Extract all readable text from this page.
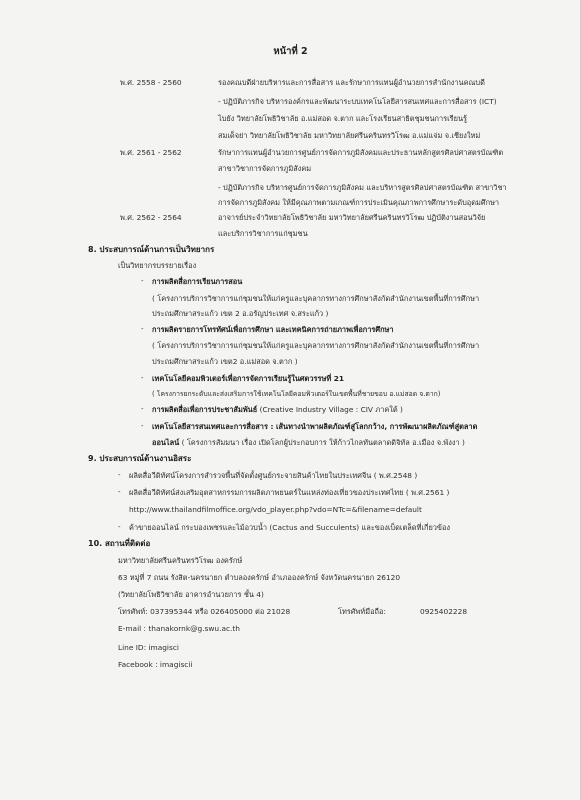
หน้าที่ 2
พ.ศ. 2558 - 2560	รองคณบดีฝ่ายบริหารและการสื่อสาร และรักษาการแทนผู้อำนวยการสำนักงานคณบดี
- ปฏิบัติภารกิจ บริหารองค์กรและพัฒนาระบบเทคโนโลยีสารสนเทศและการสื่อสาร (ICT)
ไบยัง วิทยาลัยโพธิวิชาลัย อ.แม่สอด จ.ตาก และโรงเรียนสาธิตชุมชนการเรียนรู้
สมเด็จย่า วิทยาลัยโพธิวิชาลัย มหาวิทยาลัยศรีนครินทรวิโรฒ อ.แม่แจ่ม จ.เชียงใหม่
พ.ศ. 2561 - 2562	รักษาการแทนผู้อำนวยการศูนย์การจัดการภูมิสังคมและประธานหลักสูตรศิลปศาสตรบัณฑิต
สาขาวิชาการจัดการภูมิสังคม
- ปฏิบัติภารกิจ บริหารศูนย์การจัดการภูมิสังคม และบริหารสูตรศิลปศาสตรบัณฑิต สาขาวิชา
การจัดการภูมิสังคม ให้มีคุณภาพตามเกณฑ์การประเมินคุณภาพการศึกษาระดับอุดมศึกษา
พ.ศ. 2562 - 2564	อาจารย์ประจำวิทยาลัยโพธิวิชาลัย มหาวิทยาลัยศรีนครินทรวิโรฒ ปฏิบัติงานสอนวิจัย
และบริการวิชาการแก่ชุมชน
8. ประสบการณ์ด้านการเป็นวิทยากร
เป็นวิทยากรบรรยายเรื่อง
- การผลิตสื่อการเรียนการสอน
( โครงการบริการวิชาการแก่ชุมชนให้แก่ครูและบุคลากรทางการศึกษาสังกัดสำนักงานเขตพื้นที่การศึกษา
ประถมศึกษาสระแก้ว เขต 2 อ.อรัญประเทศ จ.สระแก้ว )
- การผลิตรายการโทรทัศน์เพื่อการศึกษา และเทคนิคการถ่ายภาพเพื่อการศึกษา
( โครงการบริการวิชาการแก่ชุมชนให้แก่ครูและบุคลากรทางการศึกษาสังกัดสำนักงานเขตพื้นที่การศึกษา
ประถมศึกษาสระแก้ว เขต2 อ.แม่สอด จ.ตาก )
- เทคโนโลยีคอมพิวเตอร์เพื่อการจัดการเรียนรู้ในศตวรรษที่ 21
( โครงการยกระดับและส่งเสริมการใช้เทคโนโลยีคอมพิวเตอร์ในเขตพื้นที่ชายขอบ อ.แม่สอด จ.ตาก)
- การผลิตสื่อเพื่อการประชาสัมพันธ์ (Creative Industry Village : CIV ภาคใต้ )
- เทคโนโลยีสารสนเทศและการสื่อสาร : เส้นทางนำพาผลิตภัณฑ์สู่โลกกว้าง, การพัฒนาผลิตภัณฑ์สู่ตลาด
ออนไลน์ ( โครงการสัมมนา เรื่อง เปิดโลกผู้ประกอบการ ให้ก้าวไกลทันตลาดดิจิทัล อ.เมือง จ.พังงา )
9. ประสบการณ์ด้านงานอิสระ
- ผลิตสื่อวีดิทัศน์โครงการสำรวจพื้นที่จัดตั้งศูนย์กระจายสินค้าไทยในประเทศจีน ( พ.ศ.2548 )
- ผลิตสื่อวีดิทัศน์ส่งเสริมอุตสาหกรรมการผลิตภาพยนตร์ในแหล่งท่องเที่ยวของประเทศไทย ( พ.ศ.2561 )
http://www.thailandfilmoffice.org/vdo_player.php?vdo=NTc=&filename=default
- ค้าขายออนไลน์ กระบองเพชรและไม้อวบน้ำ (Cactus and Succulents) และของเบ็ดเตล็ดที่เกี่ยวข้อง
10. สถานที่ติดต่อ
มหาวิทยาลัยศรีนครินทรวิโรฒ องครักษ์
63 หมู่ที่ 7 ถนน รังสิต-นครนายก ตำบลองครักษ์ อำเภอองครักษ์ จังหวัดนครนายก 26120
(วิทยาลัยโพธิวิชาลัย อาคารอำนวยการ ชั้น 4)
โทรศัพท์: 037395344 หรือ 026405000 ต่อ 21028	โทรศัพท์มือถือ:	0925402228
E-mail : thanakornk@g.swu.ac.th
Line ID: imagisci
Facebook : imagiscii
